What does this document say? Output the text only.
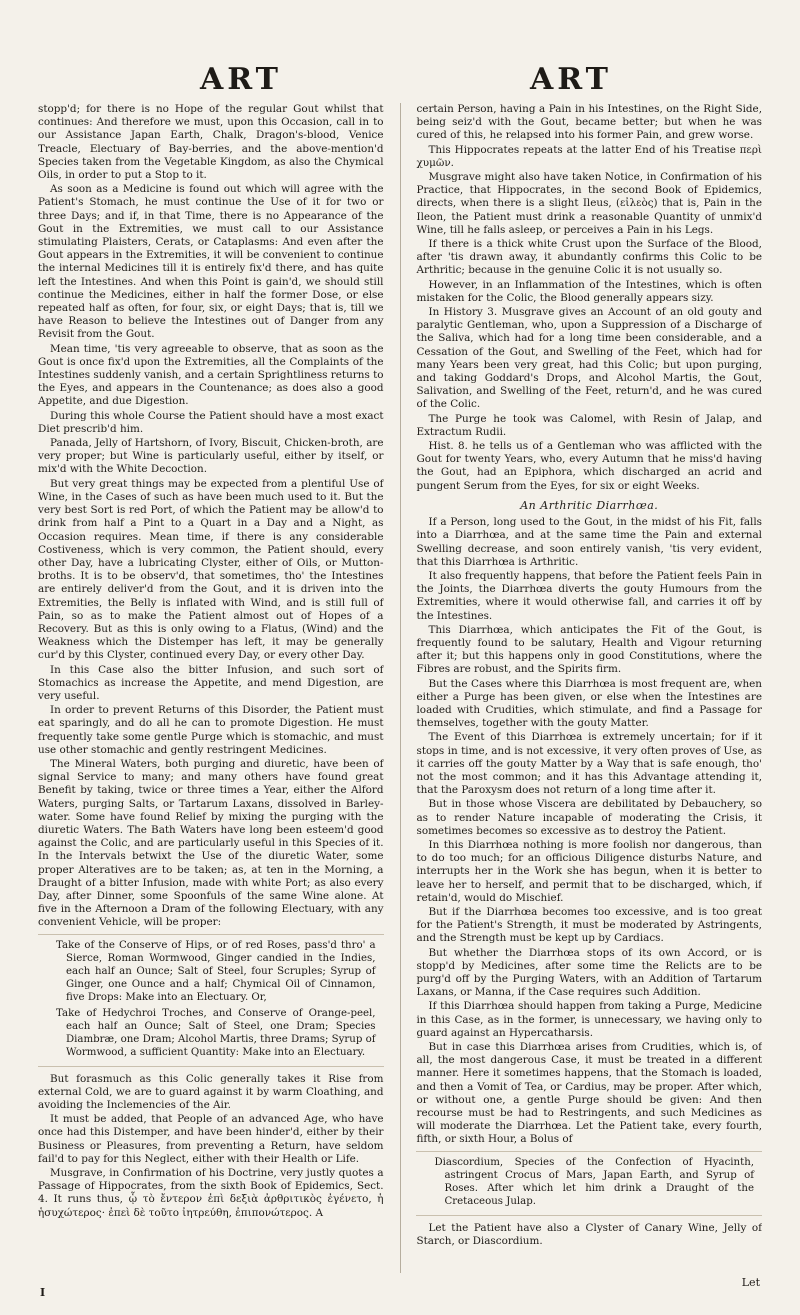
ART	ART

stopp'd; for there is no Hope of the regular Gout whilst that continues: And therefore we must, upon this Occasion, call in to our Assistance Japan Earth, Chalk, Dragon's-blood, Venice Treacle, Electuary of Bay-berries, and the above-mention'd Species taken from the Vegetable Kingdom, as also the Chymical Oils, in order to put a Stop to it.

As soon as a Medicine is found out which will agree with the Patient's Stomach, he must continue the Use of it for two or three Days; and if, in that Time, there is no Appearance of the Gout in the Extremities, we must call to our Assistance stimulating Plaisters, Cerats, or Cataplasms: And even after the Gout appears in the Extremities, it will be convenient to continue the internal Medicines till it is entirely fix'd there, and has quite left the Intestines. And when this Point is gain'd, we should still continue the Medicines, either in half the former Dose, or else repeated half as often, for four, six, or eight Days; that is, till we have Reason to believe the Intestines out of Danger from any Revisit from the Gout.

Mean time, 'tis very agreeable to observe, that as soon as the Gout is once fix'd upon the Extremities, all the Complaints of the Intestines suddenly vanish, and a certain Sprightliness returns to the Eyes, and appears in the Countenance; as does also a good Appetite, and due Digestion.

During this whole Course the Patient should have a most exact Diet prescrib'd him.

Panada, Jelly of Hartshorn, of Ivory, Biscuit, Chicken-broth, are very proper; but Wine is particularly useful, either by itself, or mix'd with the White Decoction.

But very great things may be expected from a plentiful Use of Wine, in the Cases of such as have been much used to it. But the very best Sort is red Port, of which the Patient may be allow'd to drink from half a Pint to a Quart in a Day and a Night, as Occasion requires. Mean time, if there is any considerable Costiveness, which is very common, the Patient should, every other Day, have a lubricating Clyster, either of Oils, or Mutton-broths. It is to be observ'd, that sometimes, tho' the Intestines are entirely deliver'd from the Gout, and it is driven into the Extremities, the Belly is inflated with Wind, and is still full of Pain, so as to make the Patient almost out of Hopes of a Recovery. But as this is only owing to a Flatus, (Wind) and the Weakness which the Distemper has left, it may be generally cur'd by this Clyster, continued every Day, or every other Day.

In this Case also the bitter Infusion, and such sort of Stomachics as increase the Appetite, and mend Digestion, are very useful.

In order to prevent Returns of this Disorder, the Patient must eat sparingly, and do all he can to promote Digestion. He must frequently take some gentle Purge which is stomachic, and must use other stomachic and gently restringent Medicines.

The Mineral Waters, both purging and diuretic, have been of signal Service to many; and many others have found great Benefit by taking, twice or three times a Year, either the Alford Waters, purging Salts, or Tartarum Laxans, dissolved in Barley-water. Some have found Relief by mixing the purging with the diuretic Waters. The Bath Waters have long been esteem'd good against the Colic, and are particularly useful in this Species of it. In the Intervals betwixt the Use of the diuretic Water, some proper Alteratives are to be taken; as, at ten in the Morning, a Draught of a bitter Infusion, made with white Port; as also every Day, after Dinner, some Spoonfuls of the same Wine alone. At five in the Afternoon a Dram of the following Electuary, with any convenient Vehicle, will be proper:

Take of the Conserve of Hips, or of red Roses, pass'd thro' a Sierce, Roman Wormwood, Ginger candied in the Indies, each half an Ounce; Salt of Steel, four Scruples; Syrup of Ginger, one Ounce and a half; Chymical Oil of Cinnamon, five Drops: Make into an Electuary. Or,

Take of Hedychroi Troches, and Conserve of Orange-peel, each half an Ounce; Salt of Steel, one Dram; Species Diambræ, one Dram; Alcohol Martis, three Drams; Syrup of Wormwood, a sufficient Quantity: Make into an Electuary.

But forasmuch as this Colic generally takes it Rise from external Cold, we are to guard against it by warm Cloathing, and avoiding the Inclemencies of the Air.

It must be added, that People of an advanced Age, who have once had this Distemper, and have been hinder'd, either by their Business or Pleasures, from preventing a Return, have seldom fail'd to pay for this Neglect, either with their Health or Life.

Musgrave, in Confirmation of his Doctrine, very justly quotes a Passage of Hippocrates, from the sixth Book of Epidemics, Sect. 4. It runs thus, ᾧ τὸ ἔντερον ἐπὶ δεξιὰ ἀρθριτικὸς ἐγένετο, ἡ ἡσυχώτερος· ἐπεὶ δὲ τοῦτο ἰητρεύθη, ἐπιπονώτερος. A

certain Person, having a Pain in his Intestines, on the Right Side, being seiz'd with the Gout, became better; but when he was cured of this, he relapsed into his former Pain, and grew worse.

This Hippocrates repeats at the latter End of his Treatise περὶ χυμῶν.

Musgrave might also have taken Notice, in Confirmation of his Practice, that Hippocrates, in the second Book of Epidemics, directs, when there is a slight Ileus, (εἰλεὸς) that is, Pain in the Ileon, the Patient must drink a reasonable Quantity of unmix'd Wine, till he falls asleep, or perceives a Pain in his Legs.

If there is a thick white Crust upon the Surface of the Blood, after 'tis drawn away, it abundantly confirms this Colic to be Arthritic; because in the genuine Colic it is not usually so.

However, in an Inflammation of the Intestines, which is often mistaken for the Colic, the Blood generally appears sizy.

In History 3. Musgrave gives an Account of an old gouty and paralytic Gentleman, who, upon a Suppression of a Discharge of the Saliva, which had for a long time been considerable, and a Cessation of the Gout, and Swelling of the Feet, which had for many Years been very great, had this Colic; but upon purging, and taking Goddard's Drops, and Alcohol Martis, the Gout, Salivation, and Swelling of the Feet, return'd, and he was cured of the Colic.

The Purge he took was Calomel, with Resin of Jalap, and Extractum Rudii.

Hist. 8. he tells us of a Gentleman who was afflicted with the Gout for twenty Years, who, every Autumn that he miss'd having the Gout, had an Epiphora, which discharged an acrid and pungent Serum from the Eyes, for six or eight Weeks.

An Arthritic Diarrhœa.

If a Person, long used to the Gout, in the midst of his Fit, falls into a Diarrhœa, and at the same time the Pain and external Swelling decrease, and soon entirely vanish, 'tis very evident, that this Diarrhœa is Arthritic.

It also frequently happens, that before the Patient feels Pain in the Joints, the Diarrhœa diverts the gouty Humours from the Extremities, where it would otherwise fall, and carries it off by the Intestines.

This Diarrhœa, which anticipates the Fit of the Gout, is frequently found to be salutary, Health and Vigour returning after it; but this happens only in good Constitutions, where the Fibres are robust, and the Spirits firm.

But the Cases where this Diarrhœa is most frequent are, when either a Purge has been given, or else when the Intestines are loaded with Crudities, which stimulate, and find a Passage for themselves, together with the gouty Matter.

The Event of this Diarrhœa is extremely uncertain; for if it stops in time, and is not excessive, it very often proves of Use, as it carries off the gouty Matter by a Way that is safe enough, tho' not the most common; and it has this Advantage attending it, that the Paroxysm does not return of a long time after it.

But in those whose Viscera are debilitated by Debauchery, so as to render Nature incapable of moderating the Crisis, it sometimes becomes so excessive as to destroy the Patient.

In this Diarrhœa nothing is more foolish nor dangerous, than to do too much; for an officious Diligence disturbs Nature, and interrupts her in the Work she has begun, when it is better to leave her to herself, and permit that to be discharged, which, if retain'd, would do Mischief.

But if the Diarrhœa becomes too excessive, and is too great for the Patient's Strength, it must be moderated by Astringents, and the Strength must be kept up by Cardiacs.

But whether the Diarrhœa stops of its own Accord, or is stopp'd by Medicines, after some time the Relicts are to be purg'd off by the Purging Waters, with an Addition of Tartarum Laxans, or Manna, if the Case requires such Addition.

If this Diarrhœa should happen from taking a Purge, Medicine in this Case, as in the former, is unnecessary, we having only to guard against an Hypercatharsis.

But in case this Diarrhœa arises from Crudities, which is, of all, the most dangerous Case, it must be treated in a different manner. Here it sometimes happens, that the Stomach is loaded, and then a Vomit of Tea, or Cardius, may be proper. After which, or without one, a gentle Purge should be given: And then recourse must be had to Restringents, and such Medicines as will moderate the Diarrhœa. Let the Patient take, every fourth, fifth, or sixth Hour, a Bolus of

Diascordium, Species of the Confection of Hyacinth, astringent Crocus of Mars, Japan Earth, and Syrup of Roses. After which let him drink a Draught of the Cretaceous Julap.

Let the Patient have also a Clyster of Canary Wine, Jelly of Starch, or Diascordium.

I
Let
